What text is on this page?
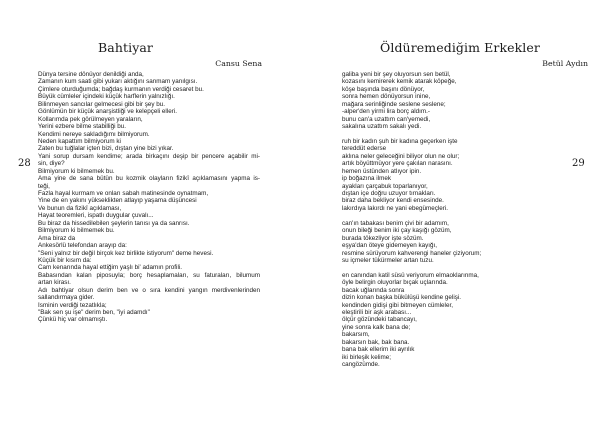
Bahtiyar

Cansu Sena

28

Dünya tersine dönüyor denildiği anda,
Zamanın kum saati gibi yukarı aktığını sanmam yanılgısı.
Çimlere oturduğumda; bağdaş kurmanın verdiği cesaret bu.
Büyük cümleler içindeki küçük harflerin yalnızlığı.
Bilinmeyen sancılar gelmecesi gibi bir şey bu.
Gönlümün bir küçük anarşistliği ve kelepçeli elleri.
Kollarımda pek görülmeyen yaraların,
Yerini ezbere bilme stabilliği bu.
Kendimi nereye sakladığımı bilmiyorum.
Neden kapattım bilmiyorum ki
Zaten bu tuğlalar içten bizi, dıştan yine bizi yıkar.
Yani sorup dursam kendime; arada birkaçını deşip bir pencere açabilir mi-
sin, diye?
Bilmiyorum ki bilmemek bu.
Ama yine de sana bütün bu kozmik olayların fizikî açıklamasını yapma is-
teği,
Fazla hayal kurmam ve onları sabah matinesinde oynatmam,
Yine de en yakını yükseklikten atlayıp yaşama düşüncesi
Ve bunun da fizikî açıklaması,
Hayat teoremleri, ispatlı duygular çuvalı...
Bu biraz da hissedilebilen şeylerin tanısı ya da sanrısı.
Bilmiyorum ki bilmemek bu.
Ama biraz da
Ankesörlü telefondan arayıp da:
"Seni yalnız bir değil birçok kez birlikte istiyorum" deme hevesi.
Küçük bir kısım da:
Cam kenarında hayal ettiğim yaşlı bi' adamın profili.
Babasından kalan piposuyla; borç hesaplamaları, su faturaları, bilumum
artan kirası.
Adı bahtiyar olsun derim ben ve o sıra kendini yangın merdivenlerinden
sallandırmaya gider.
İsminin verdiği tezatlıkla;
"Bak sen şu işe" derim ben, "iyi adamdı"
Çünkü hiç var olmamıştı.
Öldüremediğim Erkekler

Betül Aydın

29

galiba yeni bir şey oluyorsun sen betül,
kozasını kemirerek kemik atarak köpeğe,
köşe başında başını dönüyor,
sonra hemen dönüyorsun inine,
mağara serinliğinde seslene seslene;
-alper'den yirmi lira borç aldım.-
bunu can'a uzattım can'yemedi,
sakalına uzattım sakalı yedi.
ruh bir kadın şuh bir kadına geçerken işte
tereddüt ederse
aklına neler geleceğini biliyor olun ne olur;
artık böyüttmüyor yere çakılan narasını.
hemen üstünden atlıyor ipin.
ip boğazına ilmek
ayakları çarçabuk toparlanıyor,
dıştan içe doğru uzuyor tırnakları.
biraz daha bekliyor kendi ensesinde.
lakırdıya lakırdı ne yani ebegümeçleri.
can'ın tabakası benim çivi bir adamım,
onun bileği benim iki çay kaşığı gözüm,
burada tökezliyor işte sözüm.
eşya'dan öteye gidemeyen kayığı,
resmine sürüyorum kahverengi haneler çiziyorum;
su içmeler tükürmeler artan tuzu.
en canından katil süsü veriyorum elmaoklarınma,
öyle belirgin oluyorlar bıçak uçlarında.
bacak uğlarında sonra
dizin konan başka bükülüşü kendine gelişi.
kendinden gidişi gibi bitmeyen cümleler,
eleştirili bir aşk arabası...
ölçür gözündeki tabancayı,
yine sonra kalk bana de;
bakarsım,
bakarsın bak, bak bana.
bana bak ellerim iki ayrılık
iki birleşik kelime;
cangözümde.
